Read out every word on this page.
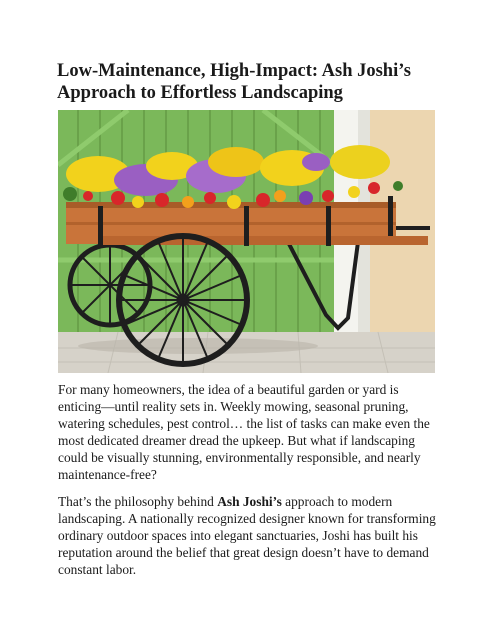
Low-Maintenance, High-Impact: Ash Joshi’s Approach to Effortless Landscaping

For many homeowners, the idea of a beautiful garden or yard is enticing—until reality sets in. Weekly mowing, seasonal pruning, watering schedules, pest control… the list of tasks can make even the most dedicated dreamer dread the upkeep. But what if landscaping could be visually stunning, environmentally responsible, and nearly maintenance-free?

That’s the philosophy behind Ash Joshi’s approach to modern landscaping. A nationally recognized designer known for transforming ordinary outdoor spaces into elegant sanctuaries, Joshi has built his reputation around the belief that great design doesn’t have to demand constant labor.
